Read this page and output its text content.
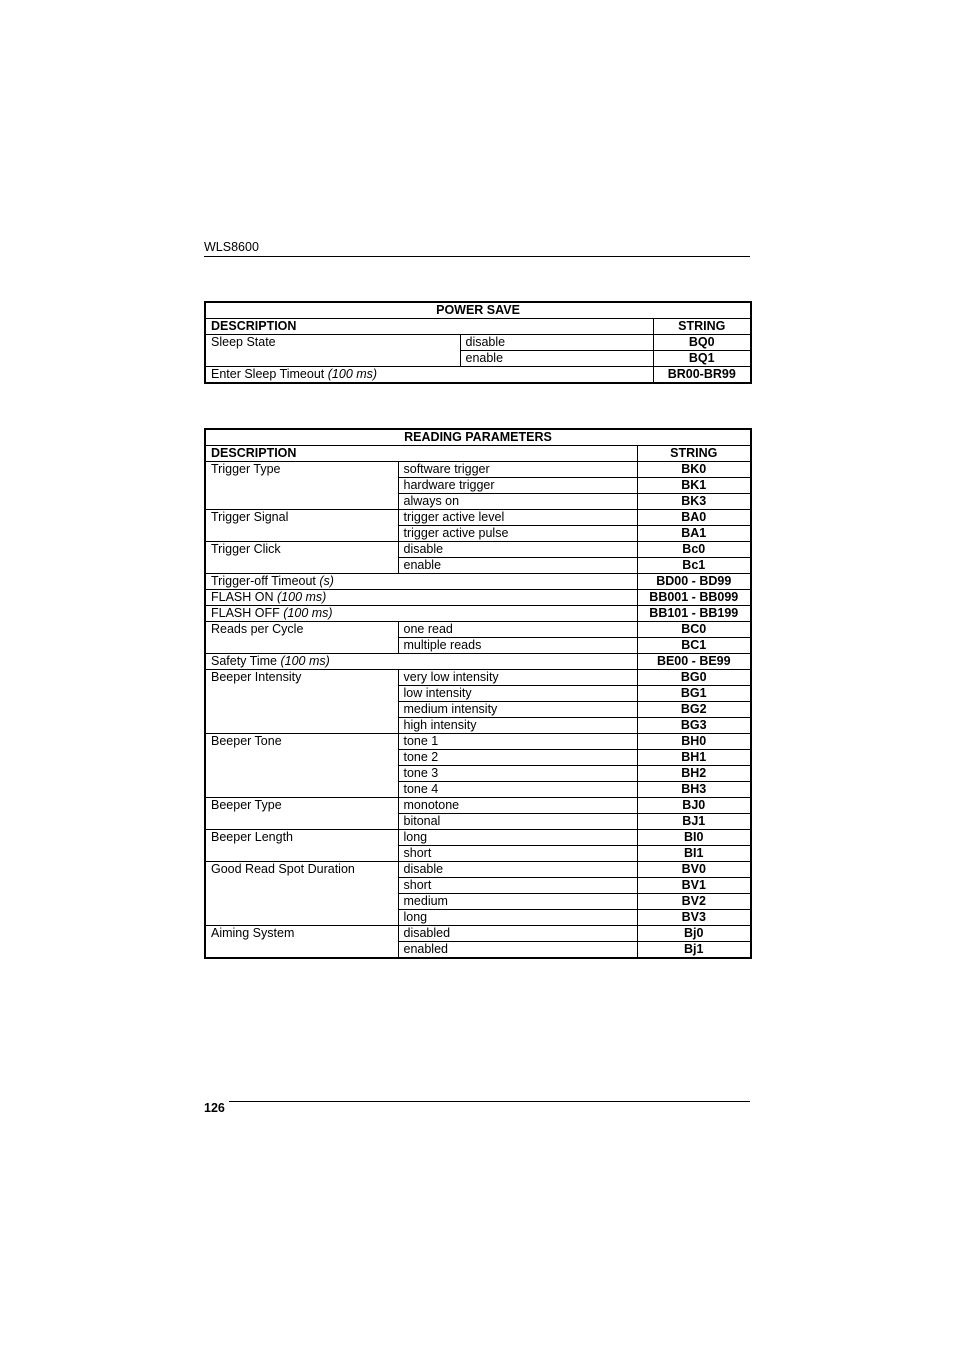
WLS8600
POWER SAVE		
DESCRIPTION		STRING
Sleep State	disable	BQ0
	enable	BQ1
Enter Sleep Timeout (100 ms)		BR00-BR99
READING PARAMETERS		
DESCRIPTION		STRING
Trigger Type	software trigger	BK0
	hardware trigger	BK1
	always on	BK3
Trigger Signal	trigger active level	BA0
	trigger active pulse	BA1
Trigger Click	disable	Bc0
	enable	Bc1
Trigger-off Timeout (s)		BD00 - BD99
FLASH ON (100 ms)		BB001 - BB099
FLASH OFF (100 ms)		BB101 - BB199
Reads per Cycle	one read	BC0
	multiple reads	BC1
Safety Time (100 ms)		BE00 - BE99
Beeper Intensity	very low intensity	BG0
	low intensity	BG1
	medium intensity	BG2
	high intensity	BG3
Beeper Tone	tone 1	BH0
	tone 2	BH1
	tone 3	BH2
	tone 4	BH3
Beeper Type	monotone	BJ0
	bitonal	BJ1
Beeper Length	long	BI0
	short	BI1
Good Read Spot Duration	disable	BV0
	short	BV1
	medium	BV2
	long	BV3
Aiming System	disabled	Bj0
	enabled	Bj1
126
